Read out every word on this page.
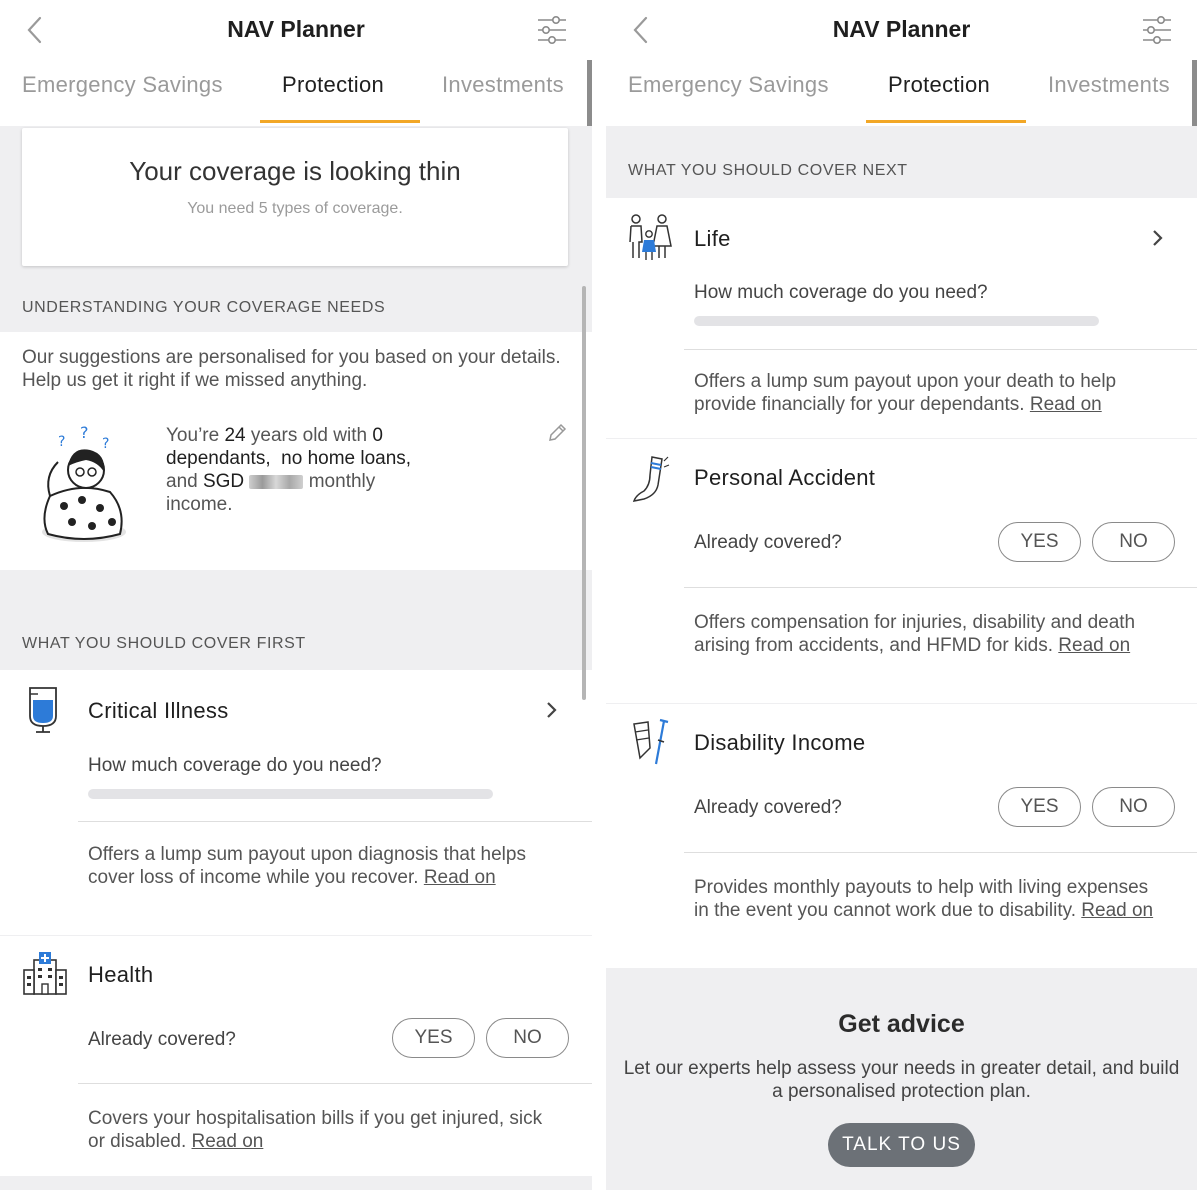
NAV Planner
Emergency Savings	Protection	Investments
Your coverage is looking thin

You need 5 types of coverage.

UNDERSTANDING YOUR COVERAGE NEEDS
Our suggestions are personalised for you based on your details. Help us get it right if we missed anything.
? ?
?	You’re 24 years old with 0
dependants, no home loans,
and SGD	monthly
income.
WHAT YOU SHOULD COVER FIRST
Critical Illness
How much coverage do you need?
Offers a lump sum payout upon diagnosis that helps cover loss of income while you recover. Read on
Health
Already covered?	YES	NO
Covers your hospitalisation bills if you get injured, sick or disabled. Read on
NAV Planner
Emergency Savings	Protection	Investments
WHAT YOU SHOULD COVER NEXT
Life
How much coverage do you need?
Offers a lump sum payout upon your death to help provide financially for your dependants. Read on
Personal Accident
Already covered?	YES	NO
Offers compensation for injuries, disability and death arising from accidents, and HFMD for kids. Read on
Disability Income
Already covered?	YES	NO
Provides monthly payouts to help with living expenses in the event you cannot work due to disability. Read on
Get advice
Let our experts help assess your needs in greater detail, and build a personalised protection plan.
TALK TO US
